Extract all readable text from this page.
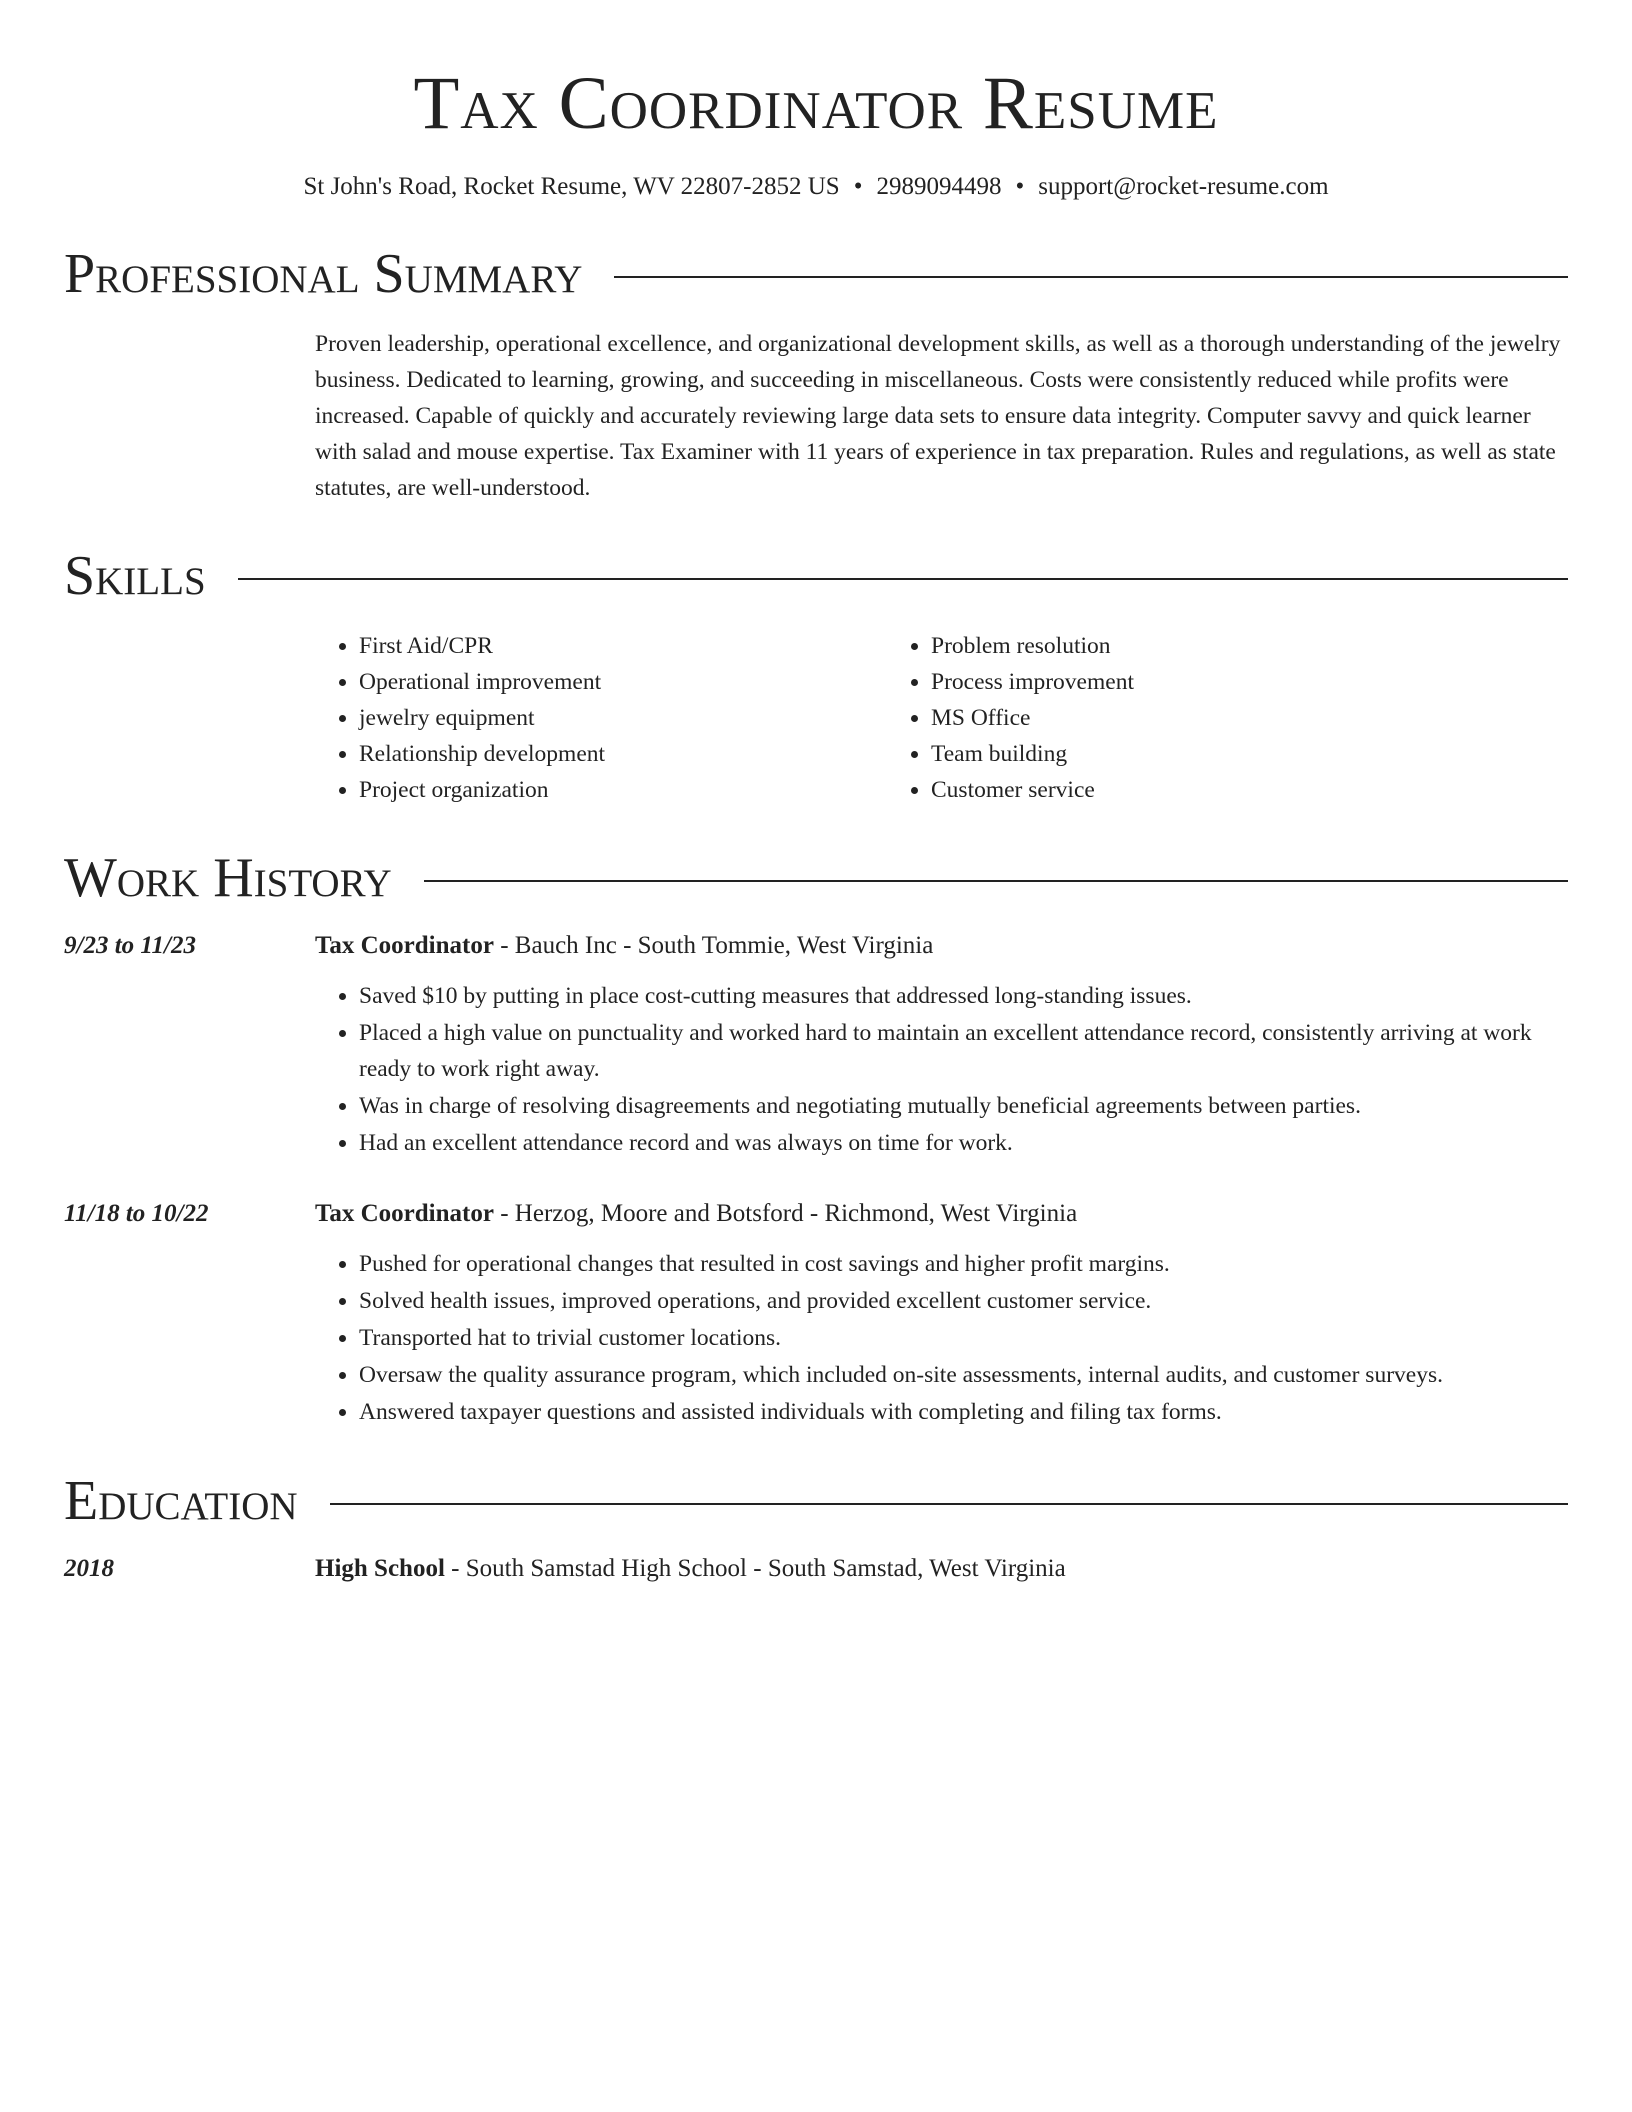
Tax Coordinator Resume
St John's Road, Rocket Resume, WV 22807-2852 US • 2989094498 • support@rocket-resume.com
Professional Summary
Proven leadership, operational excellence, and organizational development skills, as well as a thorough understanding of the jewelry business. Dedicated to learning, growing, and succeeding in miscellaneous. Costs were consistently reduced while profits were increased. Capable of quickly and accurately reviewing large data sets to ensure data integrity. Computer savvy and quick learner with salad and mouse expertise. Tax Examiner with 11 years of experience in tax preparation. Rules and regulations, as well as state statutes, are well-understood.
Skills
• First Aid/CPR
• Operational improvement
• jewelry equipment
• Relationship development
• Project organization
• Problem resolution
• Process improvement
• MS Office
• Team building
• Customer service
Work History
9/23 to 11/23	Tax Coordinator - Bauch Inc - South Tommie, West Virginia
• Saved $10 by putting in place cost-cutting measures that addressed long-standing issues.
• Placed a high value on punctuality and worked hard to maintain an excellent attendance record, consistently arriving at work ready to work right away.
• Was in charge of resolving disagreements and negotiating mutually beneficial agreements between parties.
• Had an excellent attendance record and was always on time for work.
11/18 to 10/22	Tax Coordinator - Herzog, Moore and Botsford - Richmond, West Virginia
• Pushed for operational changes that resulted in cost savings and higher profit margins.
• Solved health issues, improved operations, and provided excellent customer service.
• Transported hat to trivial customer locations.
• Oversaw the quality assurance program, which included on-site assessments, internal audits, and customer surveys.
• Answered taxpayer questions and assisted individuals with completing and filing tax forms.
Education
2018	High School - South Samstad High School - South Samstad, West Virginia
